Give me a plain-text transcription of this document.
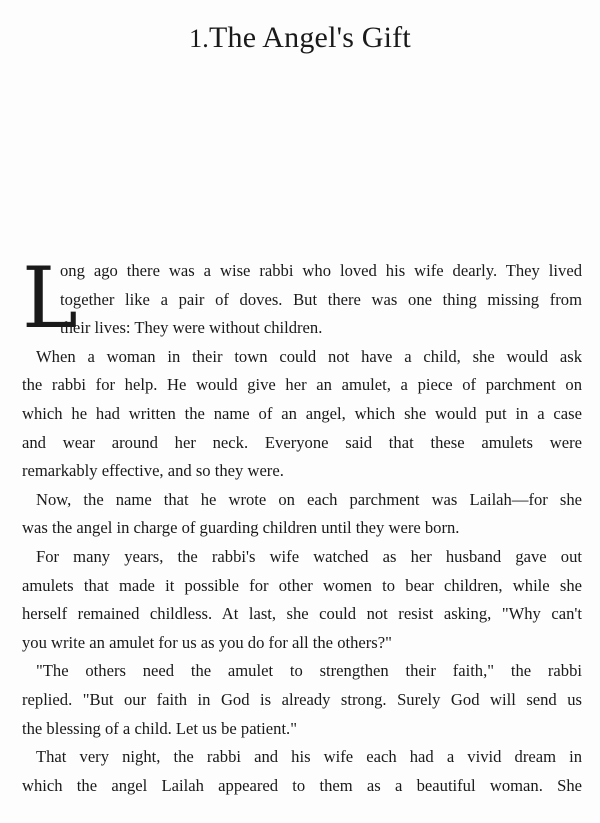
1.The Angel's Gift
L
ong ago there was a wise rabbi who loved his wife dearly. They lived
together like a pair of doves. But there was one thing missing from
their lives: They were without children.
When a woman in their town could not have a child, she would ask
the rabbi for help. He would give her an amulet, a piece of parchment on
which he had written the name of an angel, which she would put in a case
and wear around her neck. Everyone said that these amulets were
remarkably effective, and so they were.
Now, the name that he wrote on each parchment was Lailah—for she
was the angel in charge of guarding children until they were born.
For many years, the rabbi's wife watched as her husband gave out
amulets that made it possible for other women to bear children, while she
herself remained childless. At last, she could not resist asking, "Why can't
you write an amulet for us as you do for all the others?"
"The others need the amulet to strengthen their faith," the rabbi
replied. "But our faith in God is already strong. Surely God will send us
the blessing of a child. Let us be patient."
That very night, the rabbi and his wife each had a vivid dream in
which the angel Lailah appeared to them as a beautiful woman. She
